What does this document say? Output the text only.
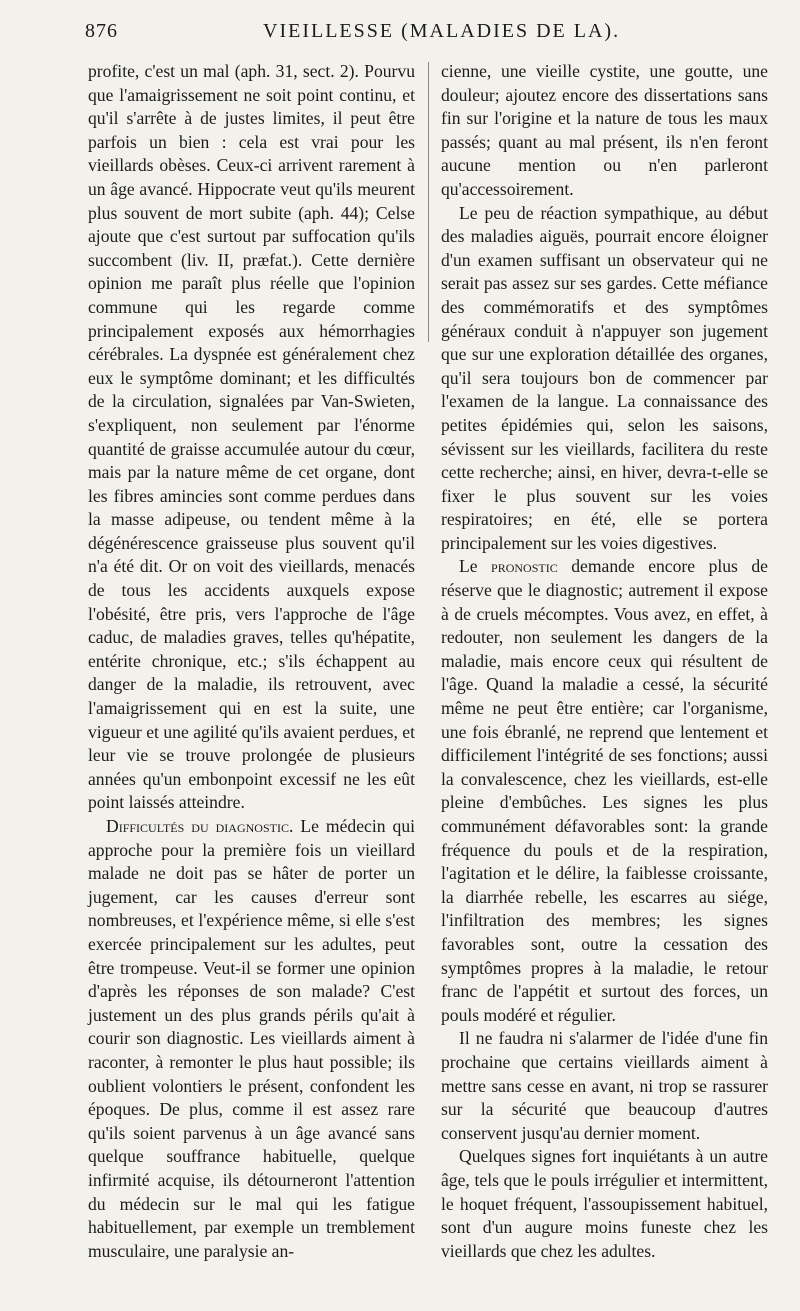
876	VIEILLESSE (MALADIES DE LA).

profite, c'est un mal (aph. 31, sect. 2). Pourvu que l'amaigrissement ne soit point continu, et qu'il s'arrête à de justes limites, il peut être parfois un bien : cela est vrai pour les vieillards obèses. Ceux-ci arrivent rarement à un âge avancé. Hippocrate veut qu'ils meurent plus souvent de mort subite (aph. 44); Celse ajoute que c'est surtout par suffocation qu'ils succombent (liv. II, præfat.). Cette dernière opinion me paraît plus réelle que l'opinion commune qui les regarde comme principalement exposés aux hémorrhagies cérébrales. La dyspnée est généralement chez eux le symptôme dominant; et les difficultés de la circulation, signalées par Van-Swieten, s'expliquent, non seulement par l'énorme quantité de graisse accumulée autour du cœur, mais par la nature même de cet organe, dont les fibres amincies sont comme perdues dans la masse adipeuse, ou tendent même à la dégénérescence graisseuse plus souvent qu'il n'a été dit. Or on voit des vieillards, menacés de tous les accidents auxquels expose l'obésité, être pris, vers l'approche de l'âge caduc, de maladies graves, telles qu'hépatite, entérite chronique, etc.; s'ils échappent au danger de la maladie, ils retrouvent, avec l'amaigrissement qui en est la suite, une vigueur et une agilité qu'ils avaient perdues, et leur vie se trouve prolongée de plusieurs années qu'un embonpoint excessif ne les eût point laissés atteindre.

Difficultés du diagnostic. Le médecin qui approche pour la première fois un vieillard malade ne doit pas se hâter de porter un jugement, car les causes d'erreur sont nombreuses, et l'expérience même, si elle s'est exercée principalement sur les adultes, peut être trompeuse. Veut-il se former une opinion d'après les réponses de son malade? C'est justement un des plus grands périls qu'ait à courir son diagnostic. Les vieillards aiment à raconter, à remonter le plus haut possible; ils oublient volontiers le présent, confondent les époques. De plus, comme il est assez rare qu'ils soient parvenus à un âge avancé sans quelque souffrance habituelle, quelque infirmité acquise, ils détourneront l'attention du médecin sur le mal qui les fatigue habituellement, par exemple un tremblement musculaire, une paralysie an-

cienne, une vieille cystite, une goutte, une douleur; ajoutez encore des dissertations sans fin sur l'origine et la nature de tous les maux passés; quant au mal présent, ils n'en feront aucune mention ou n'en parleront qu'accessoirement.

Le peu de réaction sympathique, au début des maladies aiguës, pourrait encore éloigner d'un examen suffisant un observateur qui ne serait pas assez sur ses gardes. Cette méfiance des commémoratifs et des symptômes généraux conduit à n'appuyer son jugement que sur une exploration détaillée des organes, qu'il sera toujours bon de commencer par l'examen de la langue. La connaissance des petites épidémies qui, selon les saisons, sévissent sur les vieillards, facilitera du reste cette recherche; ainsi, en hiver, devra-t-elle se fixer le plus souvent sur les voies respiratoires; en été, elle se portera principalement sur les voies digestives.

Le pronostic demande encore plus de réserve que le diagnostic; autrement il expose à de cruels mécomptes. Vous avez, en effet, à redouter, non seulement les dangers de la maladie, mais encore ceux qui résultent de l'âge. Quand la maladie a cessé, la sécurité même ne peut être entière; car l'organisme, une fois ébranlé, ne reprend que lentement et difficilement l'intégrité de ses fonctions; aussi la convalescence, chez les vieillards, est-elle pleine d'embûches. Les signes les plus communément défavorables sont: la grande fréquence du pouls et de la respiration, l'agitation et le délire, la faiblesse croissante, la diarrhée rebelle, les escarres au siége, l'infiltration des membres; les signes favorables sont, outre la cessation des symptômes propres à la maladie, le retour franc de l'appétit et surtout des forces, un pouls modéré et régulier.

Il ne faudra ni s'alarmer de l'idée d'une fin prochaine que certains vieillards aiment à mettre sans cesse en avant, ni trop se rassurer sur la sécurité que beaucoup d'autres conservent jusqu'au dernier moment.

Quelques signes fort inquiétants à un autre âge, tels que le pouls irrégulier et intermittent, le hoquet fréquent, l'assoupissement habituel, sont d'un augure moins funeste chez les vieillards que chez les adultes.
